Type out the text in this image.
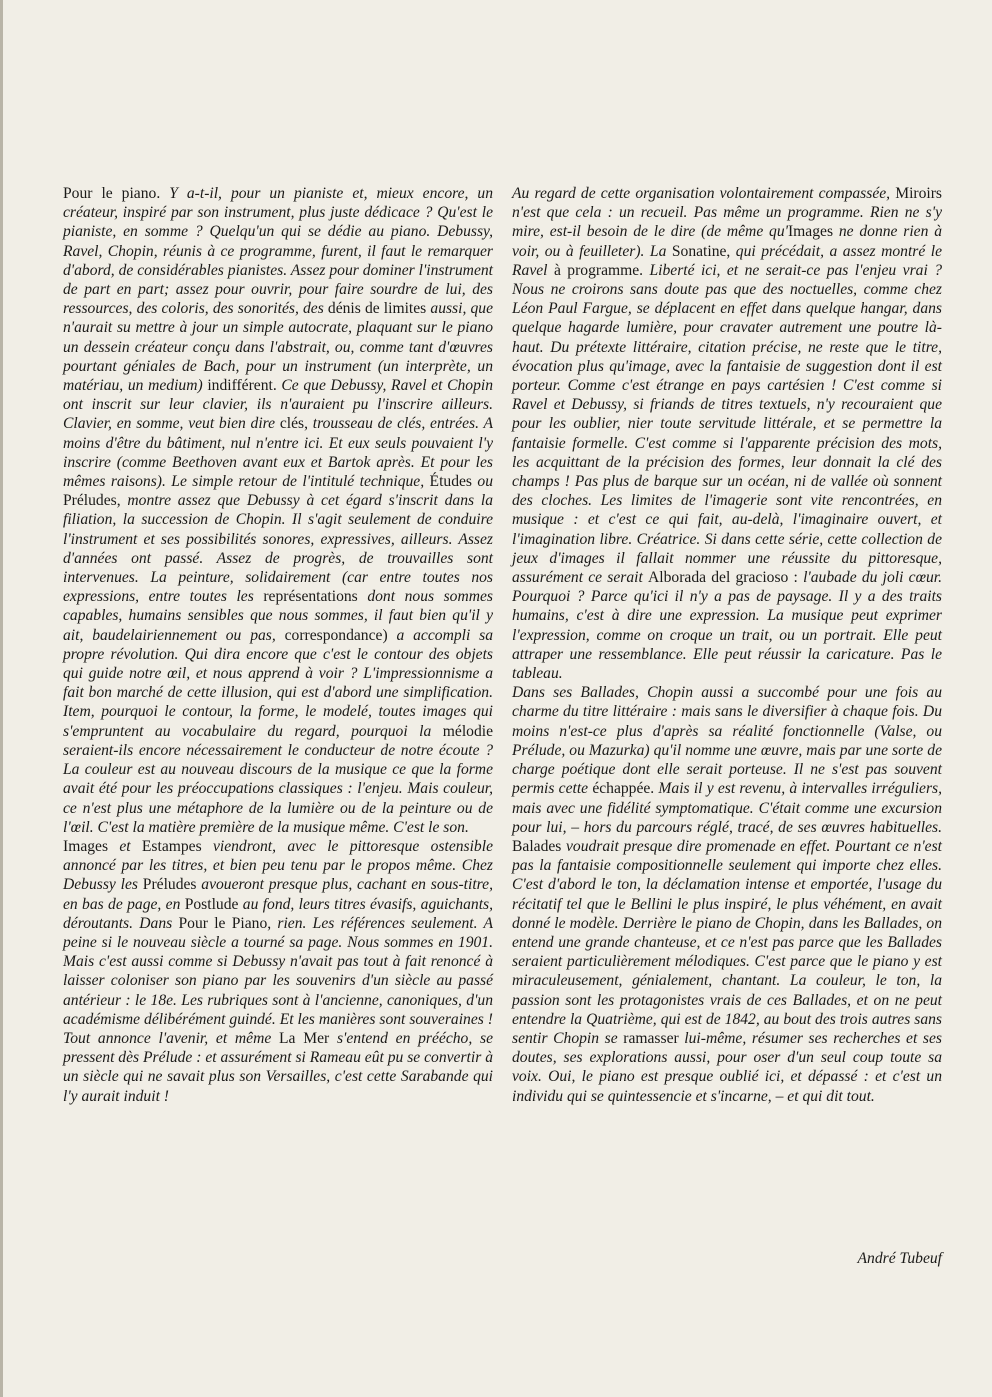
Pour le piano. Y a-t-il, pour un pianiste et, mieux encore, un créateur, inspiré par son instrument, plus juste dédicace ? Qu'est le pianiste, en somme ? Quelqu'un qui se dédie au piano. Debussy, Ravel, Chopin, réunis à ce programme, furent, il faut le remarquer d'abord, de considérables pianistes. Assez pour dominer l'instrument de part en part; assez pour ouvrir, pour faire sourdre de lui, des ressources, des coloris, des sonorités, des dénis de limites aussi, que n'aurait su mettre à jour un simple autocrate, plaquant sur le piano un dessein créateur conçu dans l'abstrait, ou, comme tant d'œuvres pourtant géniales de Bach, pour un instrument (un interprète, un matériau, un medium) indifférent. Ce que Debussy, Ravel et Chopin ont inscrit sur leur clavier, ils n'auraient pu l'inscrire ailleurs. Clavier, en somme, veut bien dire clés, trousseau de clés, entrées. A moins d'être du bâtiment, nul n'entre ici. Et eux seuls pouvaient l'y inscrire (comme Beethoven avant eux et Bartok après. Et pour les mêmes raisons). Le simple retour de l'intitulé technique, Études ou Préludes, montre assez que Debussy à cet égard s'inscrit dans la filiation, la succession de Chopin. Il s'agit seulement de conduire l'instrument et ses possibilités sonores, expressives, ailleurs. Assez d'années ont passé. Assez de progrès, de trouvailles sont intervenues. La peinture, solidairement (car entre toutes nos expressions, entre toutes les représentations dont nous sommes capables, humains sensibles que nous sommes, il faut bien qu'il y ait, baudelairiennement ou pas, correspondance) a accompli sa propre révolution. Qui dira encore que c'est le contour des objets qui guide notre œil, et nous apprend à voir ? L'impressionnisme a fait bon marché de cette illusion, qui est d'abord une simplification. Item, pourquoi le contour, la forme, le modelé, toutes images qui s'empruntent au vocabulaire du regard, pourquoi la mélodie seraient-ils encore nécessairement le conducteur de notre écoute ? La couleur est au nouveau discours de la musique ce que la forme avait été pour les préoccupations classiques : l'enjeu. Mais couleur, ce n'est plus une métaphore de la lumière ou de la peinture ou de l'œil. C'est la matière première de la musique même. C'est le son.

Images et Estampes viendront, avec le pittoresque ostensible annoncé par les titres, et bien peu tenu par le propos même. Chez Debussy les Préludes avoueront presque plus, cachant en sous-titre, en bas de page, en Postlude au fond, leurs titres évasifs, aguichants, déroutants. Dans Pour le Piano, rien. Les références seulement. A peine si le nouveau siècle a tourné sa page. Nous sommes en 1901. Mais c'est aussi comme si Debussy n'avait pas tout à fait renoncé à laisser coloniser son piano par les souvenirs d'un siècle au passé antérieur : le 18e. Les rubriques sont à l'ancienne, canoniques, d'un académisme délibérément guindé. Et les manières sont souveraines ! Tout annonce l'avenir, et même La Mer s'entend en préécho, se pressent dès Prélude : et assurément si Rameau eût pu se convertir à un siècle qui ne savait plus son Versailles, c'est cette Sarabande qui l'y aurait induit !

Au regard de cette organisation volontairement compassée, Miroirs n'est que cela : un recueil. Pas même un programme. Rien ne s'y mire, est-il besoin de le dire (de même qu'Images ne donne rien à voir, ou à feuilleter). La Sonatine, qui précédait, a assez montré le Ravel à programme. Liberté ici, et ne serait-ce pas l'enjeu vrai ? Nous ne croirons sans doute pas que des noctuelles, comme chez Léon Paul Fargue, se déplacent en effet dans quelque hangar, dans quelque hagarde lumière, pour cravater autrement une poutre là-haut. Du prétexte littéraire, citation précise, ne reste que le titre, évocation plus qu'image, avec la fantaisie de suggestion dont il est porteur. Comme c'est étrange en pays cartésien ! C'est comme si Ravel et Debussy, si friands de titres textuels, n'y recouraient que pour les oublier, nier toute servitude littérale, et se permettre la fantaisie formelle. C'est comme si l'apparente précision des mots, les acquittant de la précision des formes, leur donnait la clé des champs ! Pas plus de barque sur un océan, ni de vallée où sonnent des cloches. Les limites de l'imagerie sont vite rencontrées, en musique : et c'est ce qui fait, au-delà, l'imaginaire ouvert, et l'imagination libre. Créatrice. Si dans cette série, cette collection de jeux d'images il fallait nommer une réussite du pittoresque, assurément ce serait Alborada del gracioso : l'aubade du joli cœur. Pourquoi ? Parce qu'ici il n'y a pas de paysage. Il y a des traits humains, c'est à dire une expression. La musique peut exprimer l'expression, comme on croque un trait, ou un portrait. Elle peut attraper une ressemblance. Elle peut réussir la caricature. Pas le tableau.

Dans ses Ballades, Chopin aussi a succombé pour une fois au charme du titre littéraire : mais sans le diversifier à chaque fois. Du moins n'est-ce plus d'après sa réalité fonctionnelle (Valse, ou Prélude, ou Mazurka) qu'il nomme une œuvre, mais par une sorte de charge poétique dont elle serait porteuse. Il ne s'est pas souvent permis cette échappée. Mais il y est revenu, à intervalles irréguliers, mais avec une fidélité symptomatique. C'était comme une excursion pour lui, – hors du parcours réglé, tracé, de ses œuvres habituelles. Balades voudrait presque dire promenade en effet. Pourtant ce n'est pas la fantaisie compositionnelle seulement qui importe chez elles. C'est d'abord le ton, la déclamation intense et emportée, l'usage du récitatif tel que le Bellini le plus inspiré, le plus véhément, en avait donné le modèle. Derrière le piano de Chopin, dans les Ballades, on entend une grande chanteuse, et ce n'est pas parce que les Ballades seraient particulièrement mélodiques. C'est parce que le piano y est miraculeusement, génialement, chantant. La couleur, le ton, la passion sont les protagonistes vrais de ces Ballades, et on ne peut entendre la Quatrième, qui est de 1842, au bout des trois autres sans sentir Chopin se ramasser lui-même, résumer ses recherches et ses doutes, ses explorations aussi, pour oser d'un seul coup toute sa voix. Oui, le piano est presque oublié ici, et dépassé : et c'est un individu qui se quintessencie et s'incarne, – et qui dit tout.

André Tubeuf
